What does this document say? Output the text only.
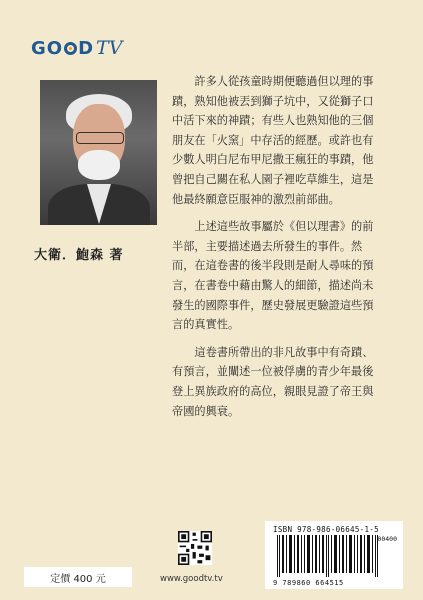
GO D TV
大衛．鮑森 著

許多人從孩童時期便聽過但以理的事蹟，熟知他被丟到獅子坑中，又從獅子口中活下來的神蹟；有些人也熟知他的三個朋友在「火窯」中存活的經歷。或許也有少數人明白尼布甲尼撒王瘋狂的事蹟，他曾把自己關在私人園子裡吃草維生，這是他最終願意臣服神的激烈前部曲。

上述這些故事屬於《但以理書》的前半部，主要描述過去所發生的事件。然而，在這卷書的後半段則是耐人尋味的預言，在書卷中藉由驚人的細節，描述尚未發生的國際事件，歷史發展更驗證這些預言的真實性。

這卷書所帶出的非凡故事中有奇蹟、有預言，並闡述一位被俘虜的青少年最後登上異族政府的高位，親眼見證了帝王與帝國的興衰。

定價 400 元	www.goodtv.tv
ISBN 978-986-06645-1-5
00400
9 789860 664515
